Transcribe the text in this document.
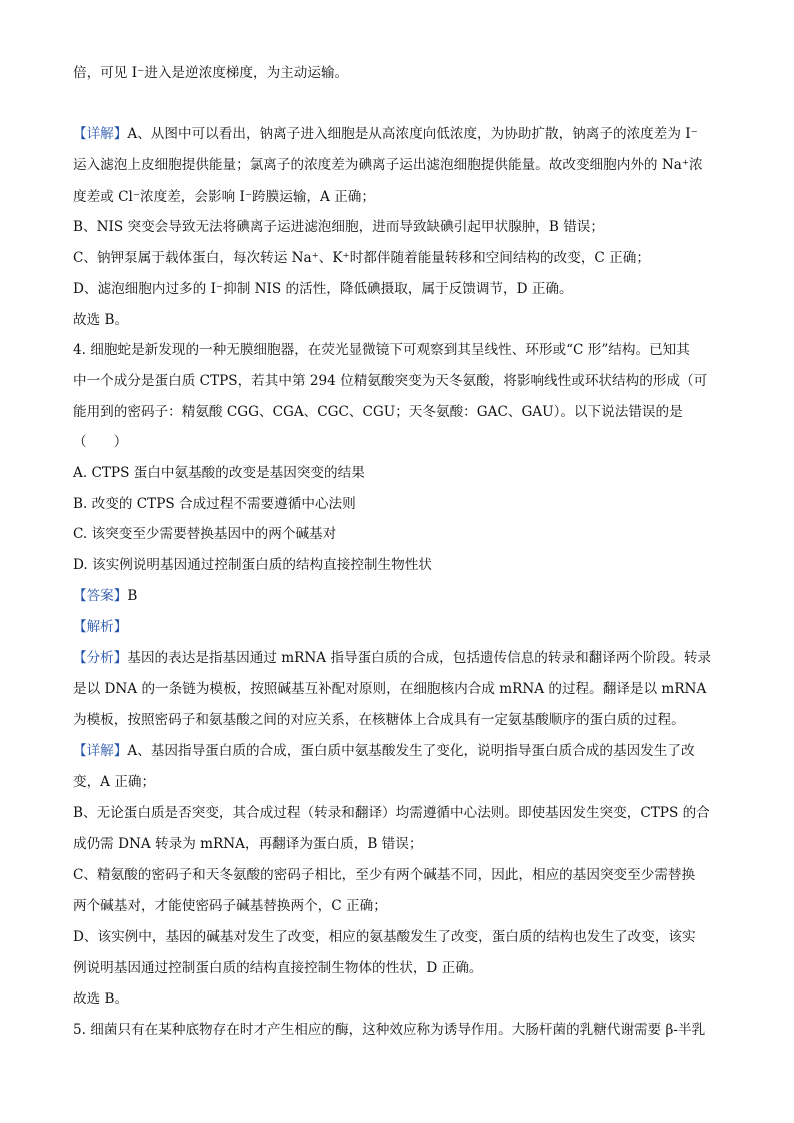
倍，可见 I⁻进入是逆浓度梯度，为主动运输。
【详解】A、从图中可以看出，钠离子进入细胞是从高浓度向低浓度，为协助扩散，钠离子的浓度差为 I⁻
运入滤泡上皮细胞提供能量；氯离子的浓度差为碘离子运出滤泡细胞提供能量。故改变细胞内外的 Na⁺浓
度差或 Cl⁻浓度差，会影响 I⁻跨膜运输，A 正确；
B、NIS 突变会导致无法将碘离子运进滤泡细胞，进而导致缺碘引起甲状腺肿，B 错误；
C、钠钾泵属于载体蛋白，每次转运 Na⁺、K⁺时都伴随着能量转移和空间结构的改变，C 正确；
D、滤泡细胞内过多的 I⁻抑制 NIS 的活性，降低碘摄取，属于反馈调节，D 正确。
故选 B。
4. 细胞蛇是新发现的一种无膜细胞器，在荧光显微镜下可观察到其呈线性、环形或“C 形”结构。已知其
中一个成分是蛋白质 CTPS，若其中第 294 位精氨酸突变为天冬氨酸，将影响线性或环状结构的形成（可
能用到的密码子：精氨酸 CGG、CGA、CGC、CGU；天冬氨酸：GAC、GAU）。以下说法错误的是
（　　）
A. CTPS 蛋白中氨基酸的改变是基因突变的结果
B. 改变的 CTPS 合成过程不需要遵循中心法则
C. 该突变至少需要替换基因中的两个碱基对
D. 该实例说明基因通过控制蛋白质的结构直接控制生物性状
【答案】B
【解析】
【分析】基因的表达是指基因通过 mRNA 指导蛋白质的合成，包括遗传信息的转录和翻译两个阶段。转录
是以 DNA 的一条链为模板，按照碱基互补配对原则，在细胞核内合成 mRNA 的过程。翻译是以 mRNA
为模板，按照密码子和氨基酸之间的对应关系，在核糖体上合成具有一定氨基酸顺序的蛋白质的过程。
【详解】A、基因指导蛋白质的合成，蛋白质中氨基酸发生了变化，说明指导蛋白质合成的基因发生了改
变，A 正确；
B、无论蛋白质是否突变，其合成过程（转录和翻译）均需遵循中心法则。即使基因发生突变，CTPS 的合
成仍需 DNA 转录为 mRNA，再翻译为蛋白质，B 错误；
C、精氨酸的密码子和天冬氨酸的密码子相比，至少有两个碱基不同，因此，相应的基因突变至少需替换
两个碱基对，才能使密码子碱基替换两个，C 正确；
D、该实例中，基因的碱基对发生了改变，相应的氨基酸发生了改变，蛋白质的结构也发生了改变，该实
例说明基因通过控制蛋白质的结构直接控制生物体的性状，D 正确。
故选 B。
5. 细菌只有在某种底物存在时才产生相应的酶，这种效应称为诱导作用。大肠杆菌的乳糖代谢需要 β-半乳
